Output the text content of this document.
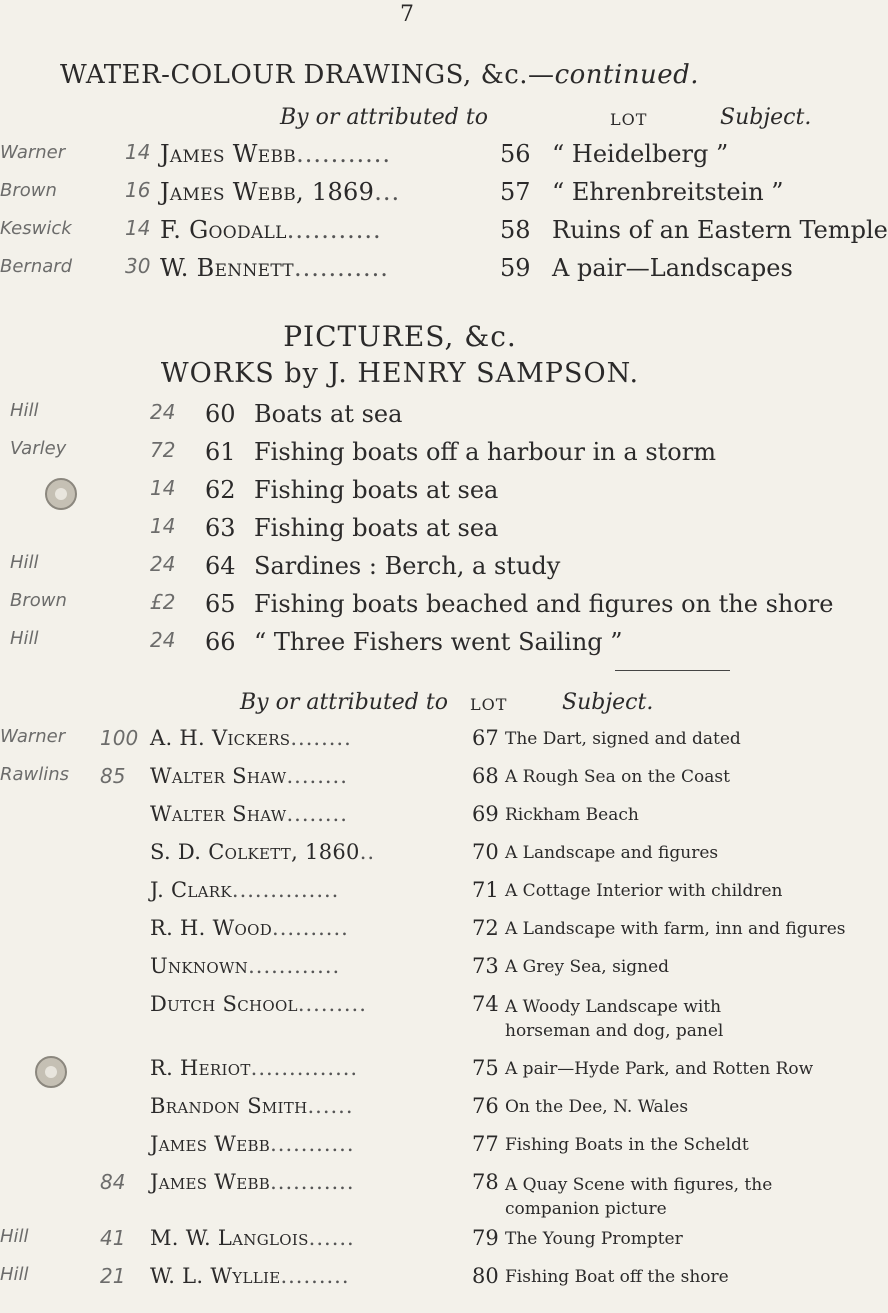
7
WATER-COLOUR DRAWINGS, &c.—continued.
By or attributed to	LOT	Subject.
Warner	14 James Webb...........	56 “ Heidelberg ”
Brown	16 James Webb, 1869...	57 “ Ehrenbreitstein ”
Keswick	14 F. Goodall...........	58 Ruins of an Eastern Temple
Bernard	30 W. Bennett...........	59 A pair—Landscapes
PICTURES, &c.
WORKS by J. HENRY SAMPSON.
Hill	24 60 Boats at sea
Varley	72 61 Fishing boats off a harbour in a storm
14 62 Fishing boats at sea
14 63 Fishing boats at sea
Hill	24 64 Sardines : Berch, a study
Brown	£2 65 Fishing boats beached and figures on the shore
Hill	24 66 “ Three Fishers went Sailing ”
By or attributed to LOT Subject.
Warner 100 A. H. Vickers........	67 The Dart, signed and dated
Rawlins 85 Walter Shaw........	68 A Rough Sea on the Coast
Walter Shaw........	69 Rickham Beach
S. D. Colkett, 1860..	70 A Landscape and figures
J. Clark..............	71 A Cottage Interior with children
R. H. Wood..........	72 A Landscape with farm, inn and figures
Unknown............	73 A Grey Sea, signed
Dutch School.........	74 A Woody Landscape with horseman and dog, panel
R. Heriot..............	75 A pair—Hyde Park, and Rotten Row
Brandon Smith......	76 On the Dee, N. Wales
James Webb...........	77 Fishing Boats in the Scheldt
84 James Webb...........	78 A Quay Scene with figures, the companion picture
Hill	41 M. W. Langlois......	79 The Young Prompter
Hill	21 W. L. Wyllie.........	80 Fishing Boat off the shore
